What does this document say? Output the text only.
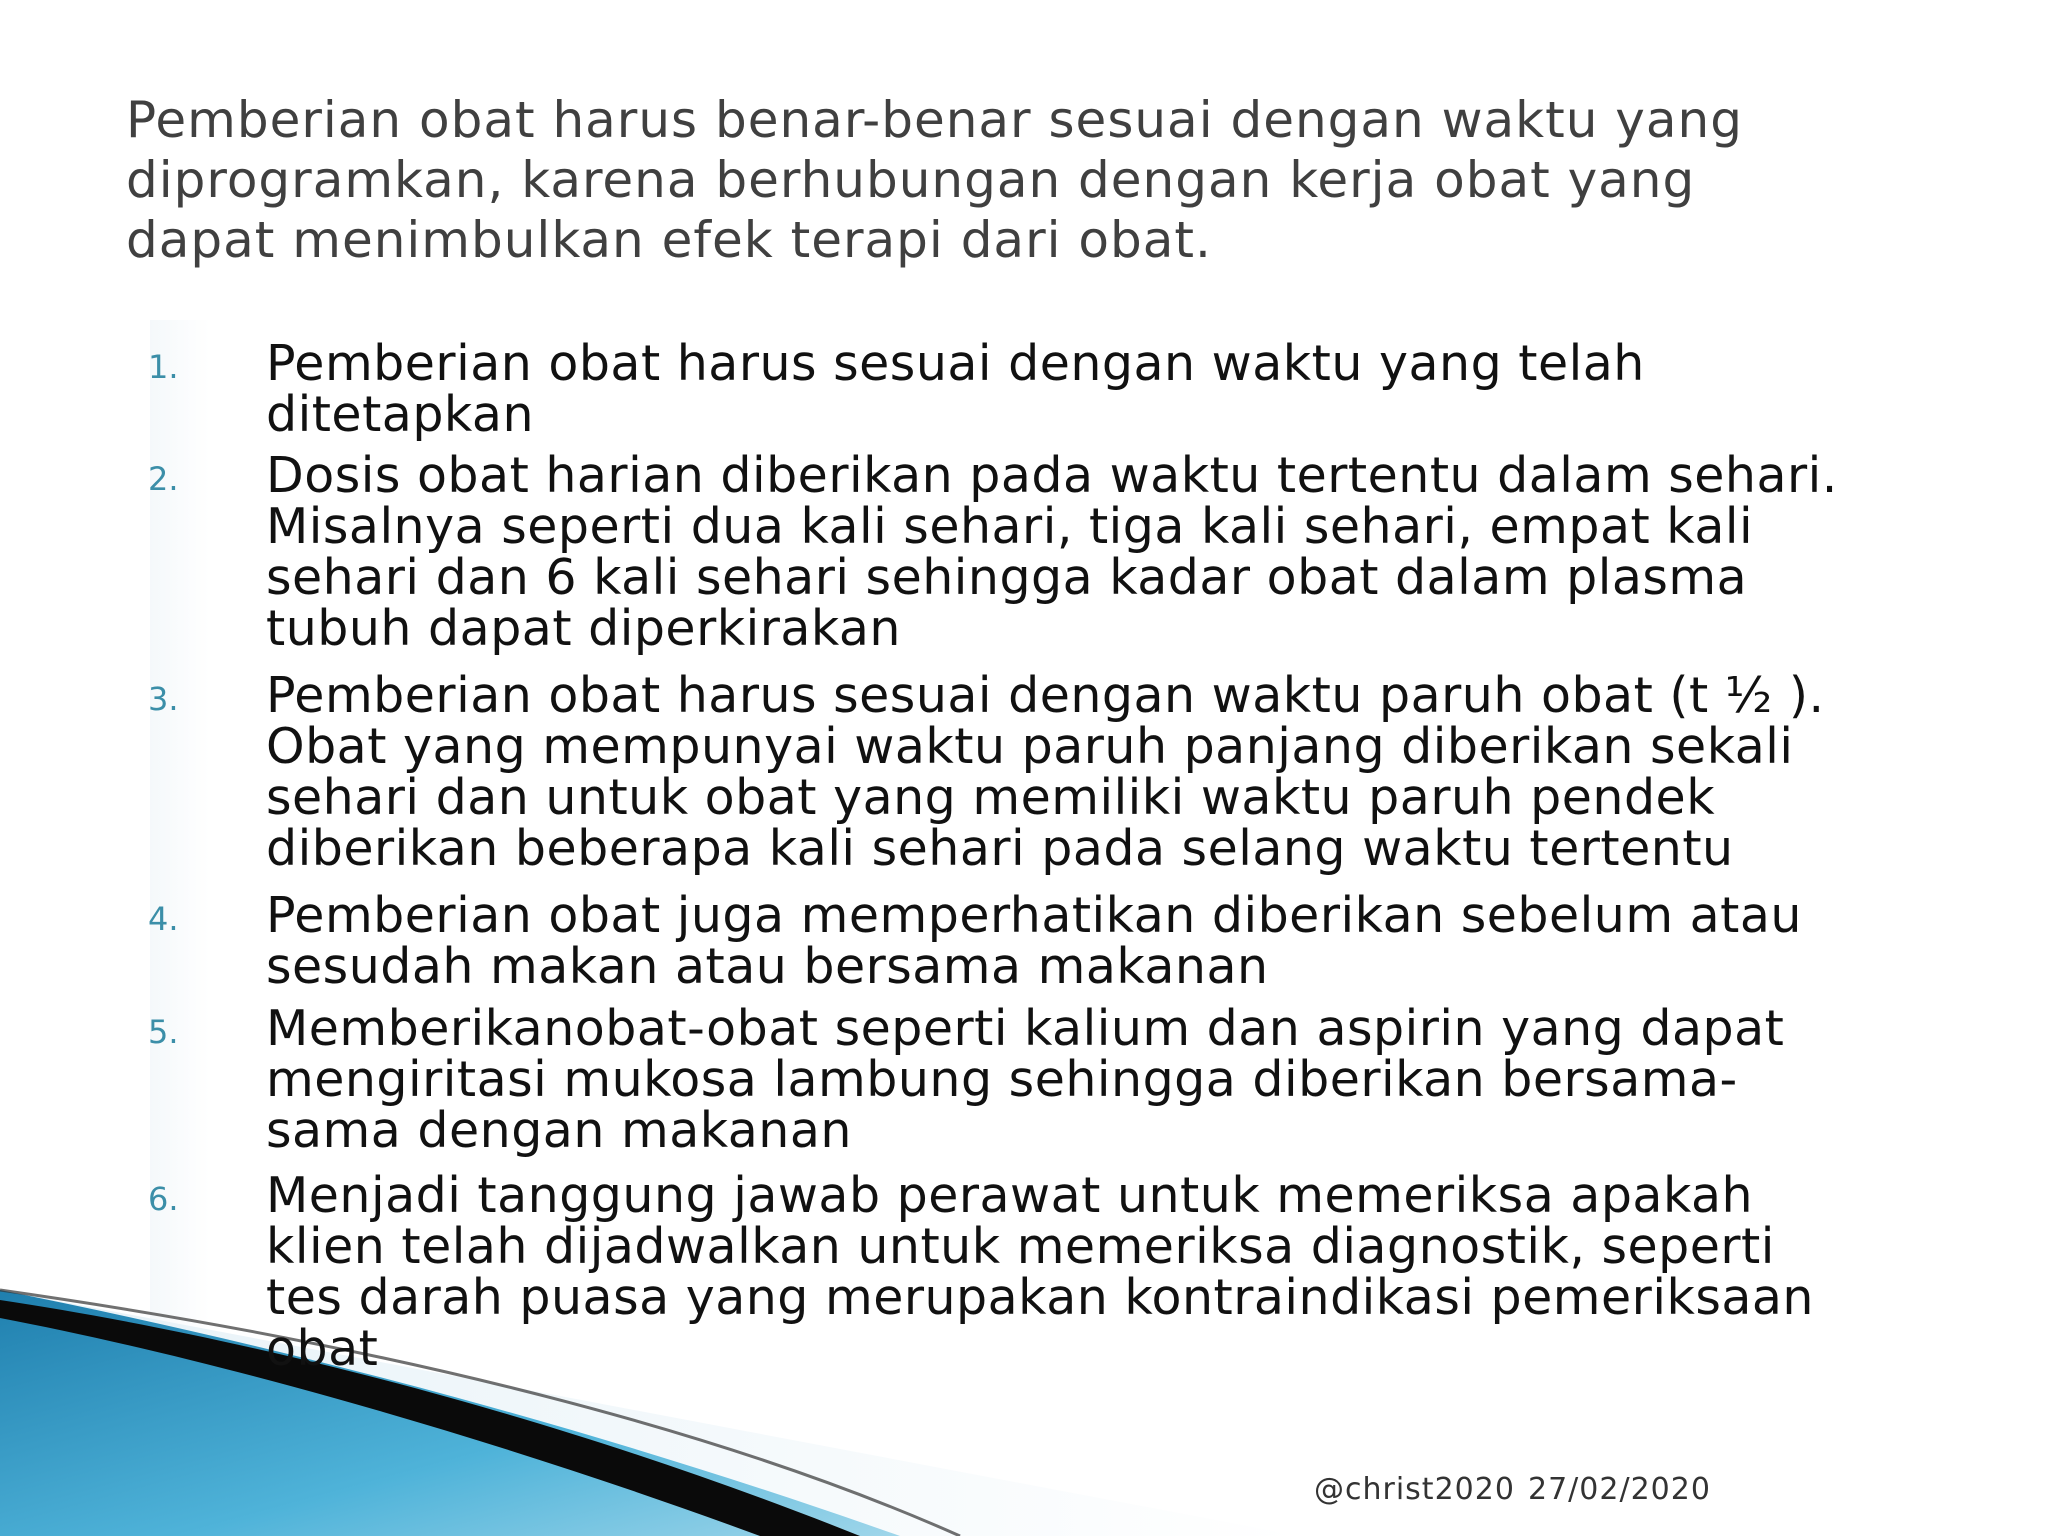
Pemberian obat harus benar-benar sesuai dengan waktu yang
diprogramkan, karena berhubungan dengan kerja obat yang
dapat menimbulkan efek terapi dari obat.
1. Pemberian obat harus sesuai dengan waktu yang telah
ditetapkan
2. Dosis obat harian diberikan pada waktu tertentu dalam sehari.
Misalnya seperti dua kali sehari, tiga kali sehari, empat kali
sehari dan 6 kali sehari sehingga kadar obat dalam plasma
tubuh dapat diperkirakan
3. Pemberian obat harus sesuai dengan waktu paruh obat (t ½ ).
Obat yang mempunyai waktu paruh panjang diberikan sekali
sehari dan untuk obat yang memiliki waktu paruh pendek
diberikan beberapa kali sehari pada selang waktu tertentu
4. Pemberian obat juga memperhatikan diberikan sebelum atau
sesudah makan atau bersama makanan
5. Memberikanobat-obat seperti kalium dan aspirin yang dapat
mengiritasi mukosa lambung sehingga diberikan bersama-
sama dengan makanan
6. Menjadi tanggung jawab perawat untuk memeriksa apakah
klien telah dijadwalkan untuk memeriksa diagnostik, seperti
tes darah puasa yang merupakan kontraindikasi pemeriksaan
obat
@christ2020 27/02/2020
